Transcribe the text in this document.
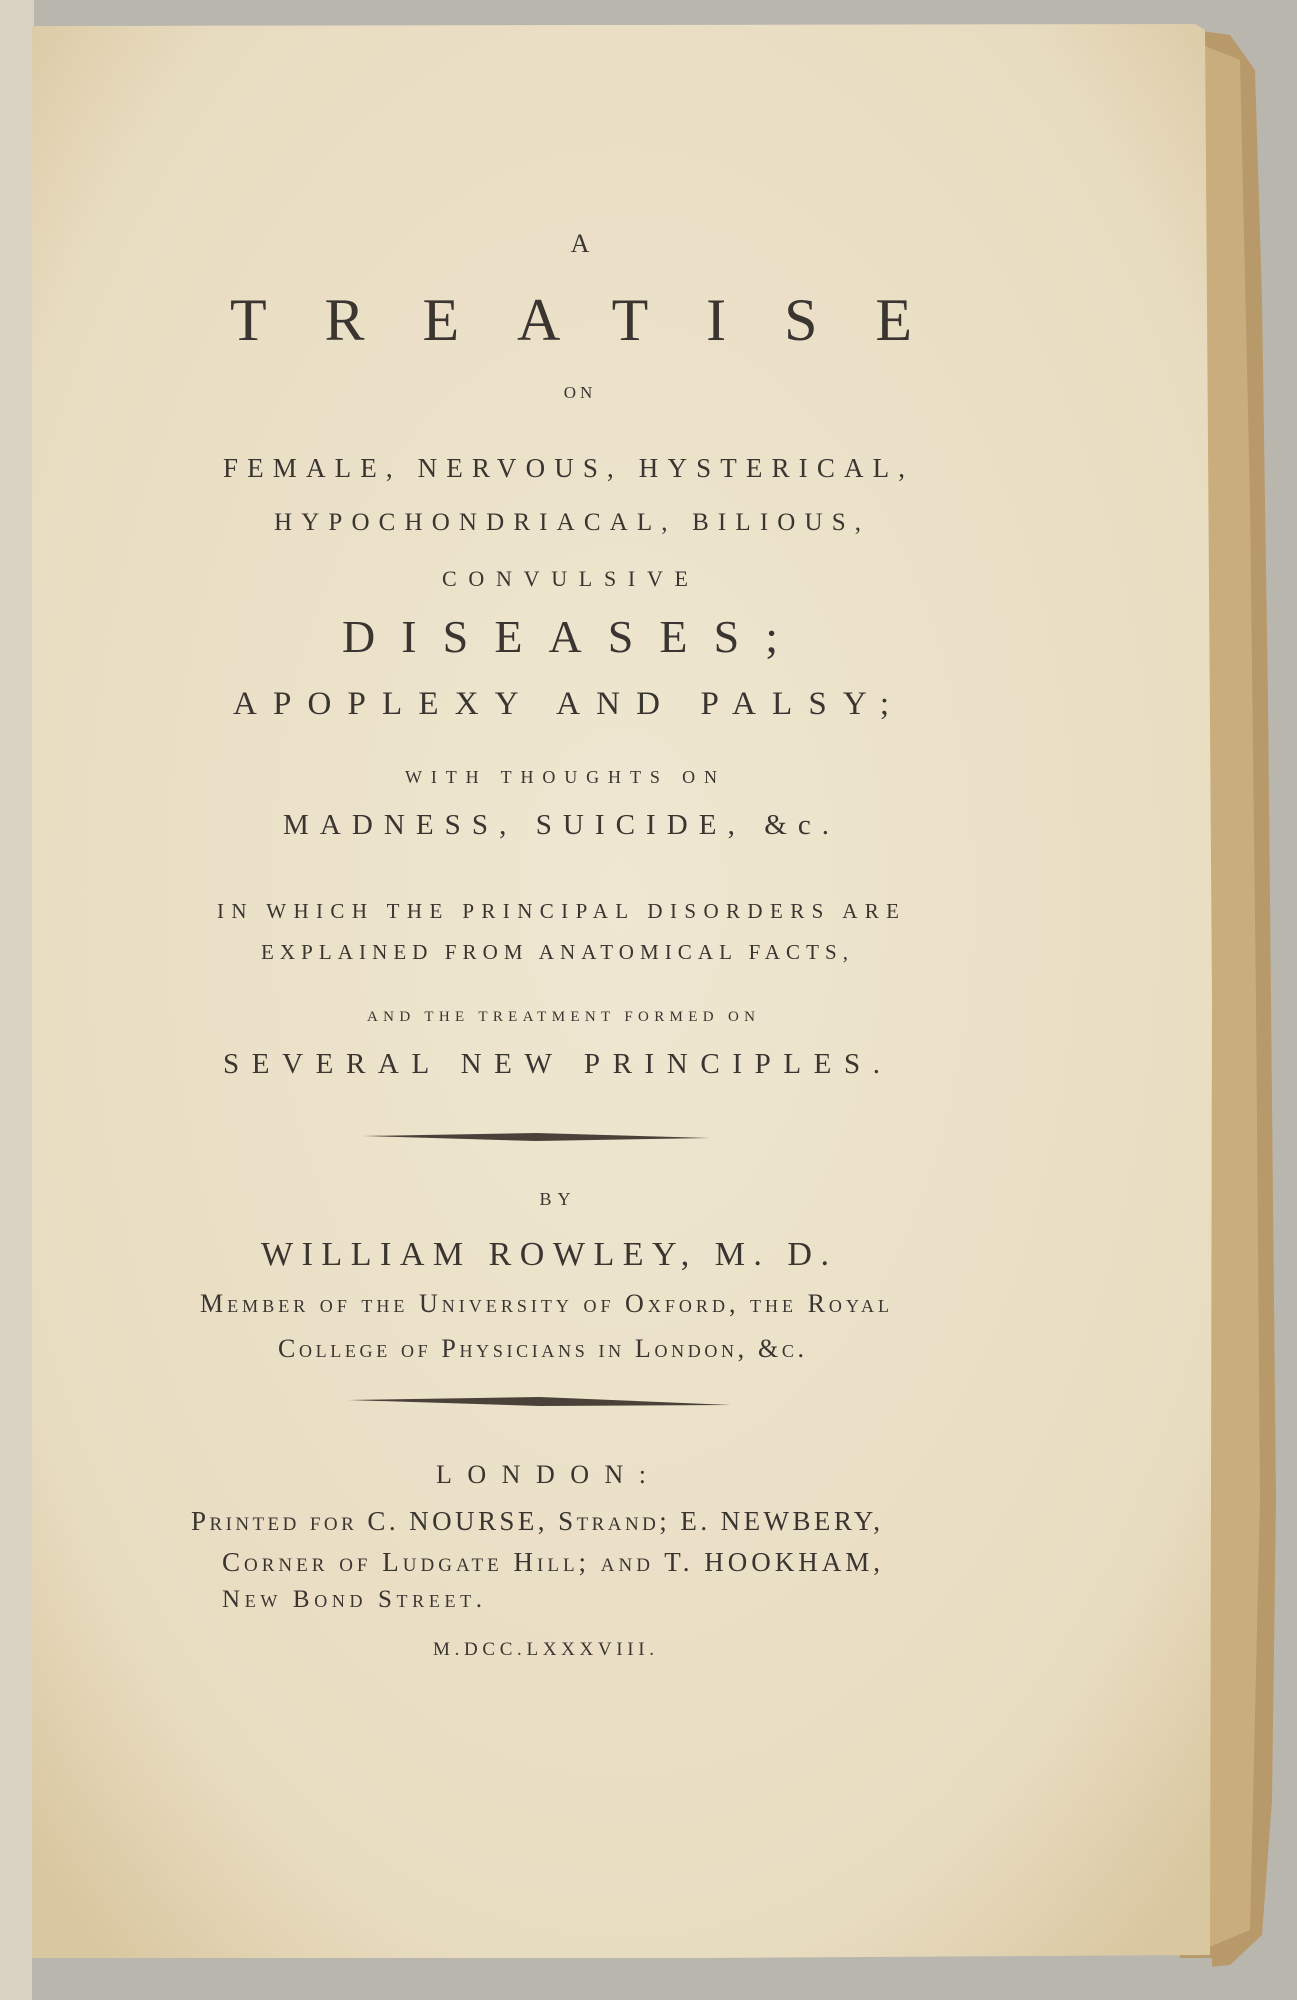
A
TREATISE
ON
FEMALE, NERVOUS, HYSTERICAL,
HYPOCHONDRIACAL, BILIOUS,
CONVULSIVE
DISEASES;
APOPLEXY AND PALSY;
WITH THOUGHTS ON
MADNESS, SUICIDE, &c.
IN WHICH THE PRINCIPAL DISORDERS ARE
EXPLAINED FROM ANATOMICAL FACTS,
AND THE TREATMENT FORMED ON
SEVERAL NEW PRINCIPLES.
BY
WILLIAM ROWLEY, M. D.
Member of the University of Oxford, the Royal
College of Physicians in London, &c.
LONDON:
Printed for C. NOURSE, Strand; E. NEWBERY,
Corner of Ludgate Hill; and T. HOOKHAM,
New Bond Street.
M.DCC.LXXXVIII.
